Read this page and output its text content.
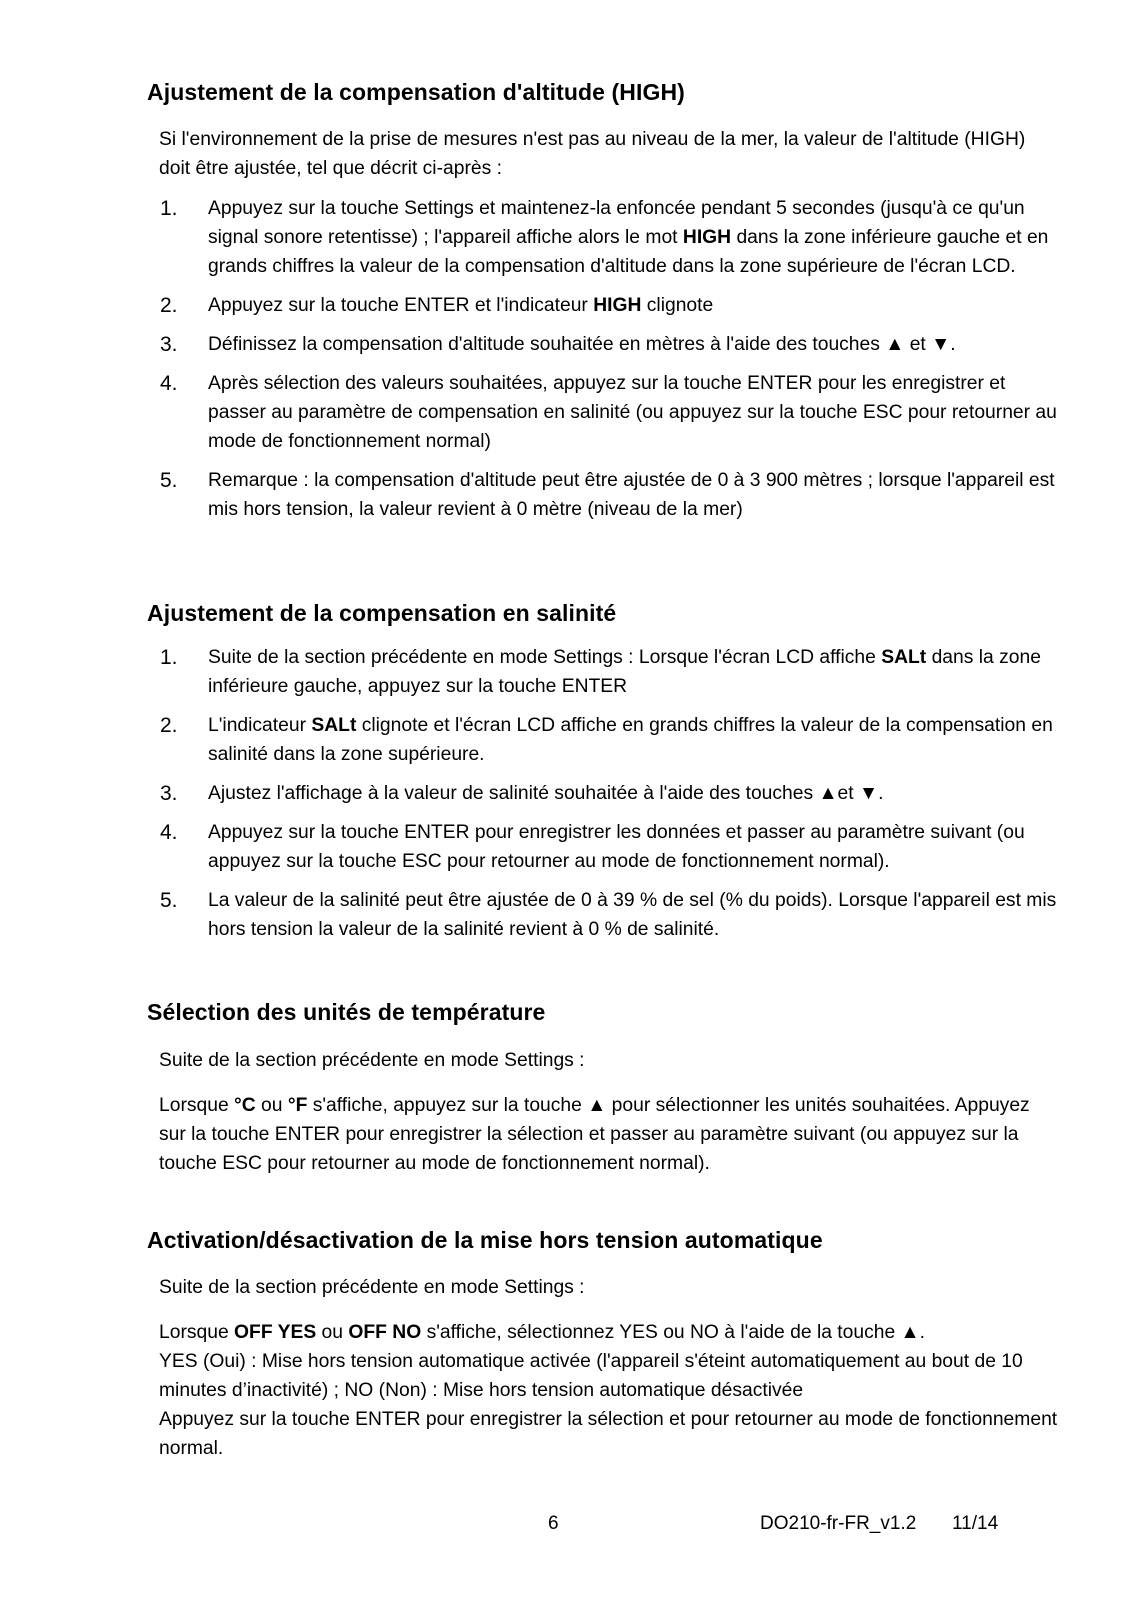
Ajustement de la compensation d'altitude (HIGH)

Si l'environnement de la prise de mesures n'est pas au niveau de la mer, la valeur de l'altitude (HIGH) doit être ajustée, tel que décrit ci-après :

1. Appuyez sur la touche Settings et maintenez-la enfoncée pendant 5 secondes (jusqu'à ce qu'un signal sonore retentisse) ; l'appareil affiche alors le mot HIGH dans la zone inférieure gauche et en grands chiffres la valeur de la compensation d'altitude dans la zone supérieure de l'écran LCD.
2. Appuyez sur la touche ENTER et l'indicateur HIGH clignote
3. Définissez la compensation d'altitude souhaitée en mètres à l'aide des touches ▲ et ▼.
4. Après sélection des valeurs souhaitées, appuyez sur la touche ENTER pour les enregistrer et passer au paramètre de compensation en salinité (ou appuyez sur la touche ESC pour retourner au mode de fonctionnement normal)
5. Remarque : la compensation d'altitude peut être ajustée de 0 à 3 900 mètres ; lorsque l'appareil est mis hors tension, la valeur revient à 0 mètre (niveau de la mer)
Ajustement de la compensation en salinité
1. Suite de la section précédente en mode Settings : Lorsque l'écran LCD affiche SALt dans la zone inférieure gauche, appuyez sur la touche ENTER
2. L'indicateur SALt clignote et l'écran LCD affiche en grands chiffres la valeur de la compensation en salinité dans la zone supérieure.
3. Ajustez l'affichage à la valeur de salinité souhaitée à l'aide des touches ▲et ▼.
4. Appuyez sur la touche ENTER pour enregistrer les données et passer au paramètre suivant (ou appuyez sur la touche ESC pour retourner au mode de fonctionnement normal).
5. La valeur de la salinité peut être ajustée de 0 à 39 % de sel (% du poids). Lorsque l'appareil est mis hors tension la valeur de la salinité revient à 0 % de salinité.
Sélection des unités de température

Suite de la section précédente en mode Settings :

Lorsque °C ou °F s'affiche, appuyez sur la touche ▲ pour sélectionner les unités souhaitées. Appuyez sur la touche ENTER pour enregistrer la sélection et passer au paramètre suivant (ou appuyez sur la touche ESC pour retourner au mode de fonctionnement normal).

Activation/désactivation de la mise hors tension automatique

Suite de la section précédente en mode Settings :

Lorsque OFF YES ou OFF NO s'affiche, sélectionnez YES ou NO à l'aide de la touche ▲.
YES (Oui) : Mise hors tension automatique activée (l'appareil s'éteint automatiquement au bout de 10 minutes d’inactivité) ; NO (Non) : Mise hors tension automatique désactivée
Appuyez sur la touche ENTER pour enregistrer la sélection et pour retourner au mode de fonctionnement normal.

6	DO210-fr-FR_v1.2 11/14
